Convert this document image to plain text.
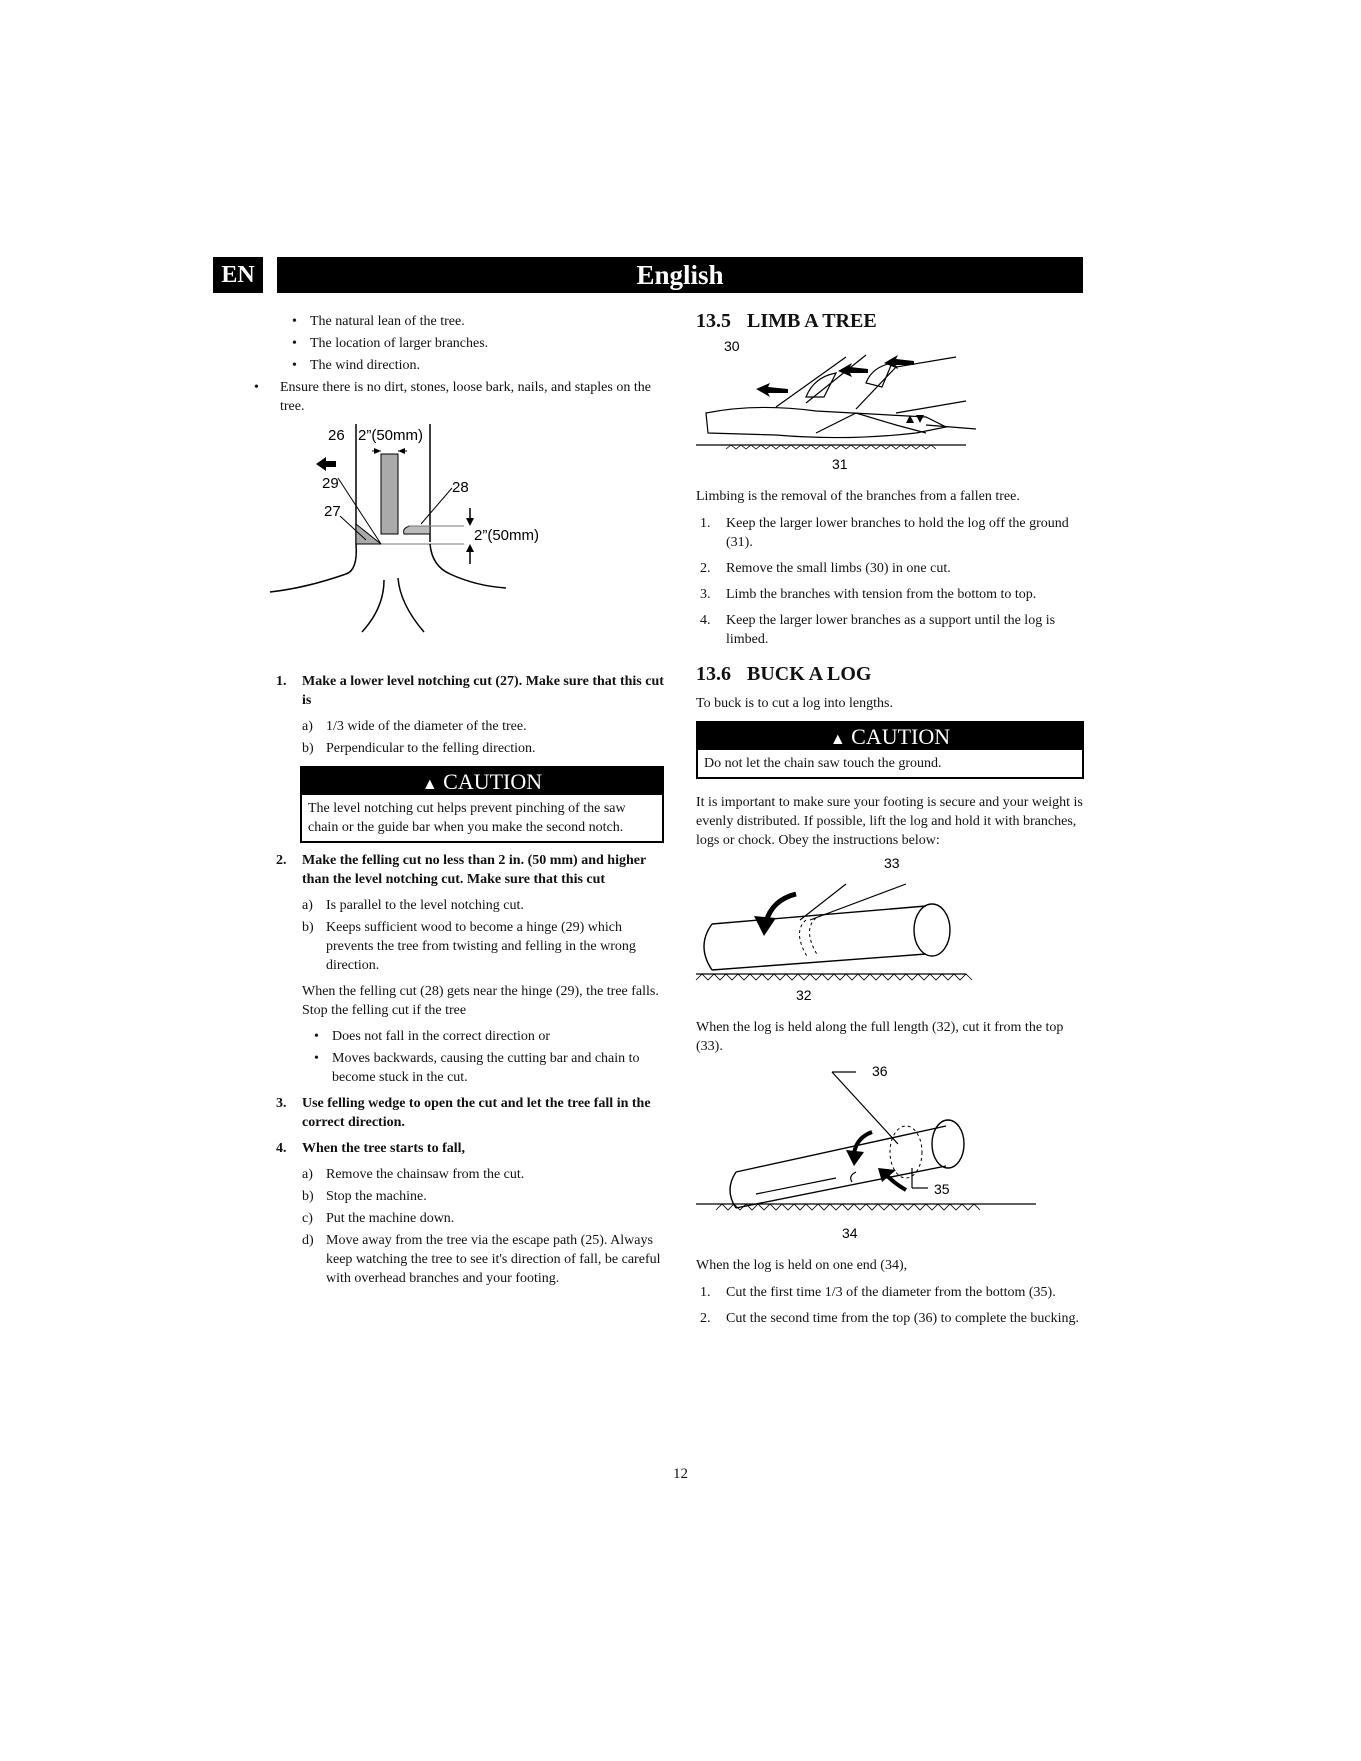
EN	English

• The natural lean of the tree.

• The location of larger branches.

• The wind direction.

• Ensure there is no dirt, stones, loose bark, nails, and staples on the tree.

26
29
27
28
2”(50mm)
2”(50mm)

1. Make a lower level notching cut (27). Make sure that this cut is

a) 1/3 wide of the diameter of the tree.

b) Perpendicular to the felling direction.

▲ CAUTION
The level notching cut helps prevent pinching of the saw chain or the guide bar when you make the second notch.

2. Make the felling cut no less than 2 in. (50 mm) and higher than the level notching cut. Make sure that this cut

a) Is parallel to the level notching cut.

b) Keeps sufficient wood to become a hinge (29) which prevents the tree from twisting and felling in the wrong direction.

When the felling cut (28) gets near the hinge (29), the tree falls. Stop the felling cut if the tree

• Does not fall in the correct direction or

• Moves backwards, causing the cutting bar and chain to become stuck in the cut.

3. Use felling wedge to open the cut and let the tree fall in the correct direction.

4. When the tree starts to fall,

a) Remove the chainsaw from the cut.

b) Stop the machine.

c) Put the machine down.

d) Move away from the tree via the escape path (25). Always keep watching the tree to see it's direction of fall, be careful with overhead branches and your footing.

13.5 LIMB A TREE
30
31

Limbing is the removal of the branches from a fallen tree.

1. Keep the larger lower branches to hold the log off the ground (31).

2. Remove the small limbs (30) in one cut.

3. Limb the branches with tension from the bottom to top.

4. Keep the larger lower branches as a support until the log is limbed.

13.6 BUCK A LOG

To buck is to cut a log into lengths.

▲ CAUTION
Do not let the chain saw touch the ground.

It is important to make sure your footing is secure and your weight is evenly distributed. If possible, lift the log and hold it with branches, logs or chock. Obey the instructions below:

33
32

When the log is held along the full length (32), cut it from the top (33).

36
35
34

When the log is held on one end (34),

1. Cut the first time 1/3 of the diameter from the bottom (35).

2. Cut the second time from the top (36) to complete the bucking.

12
